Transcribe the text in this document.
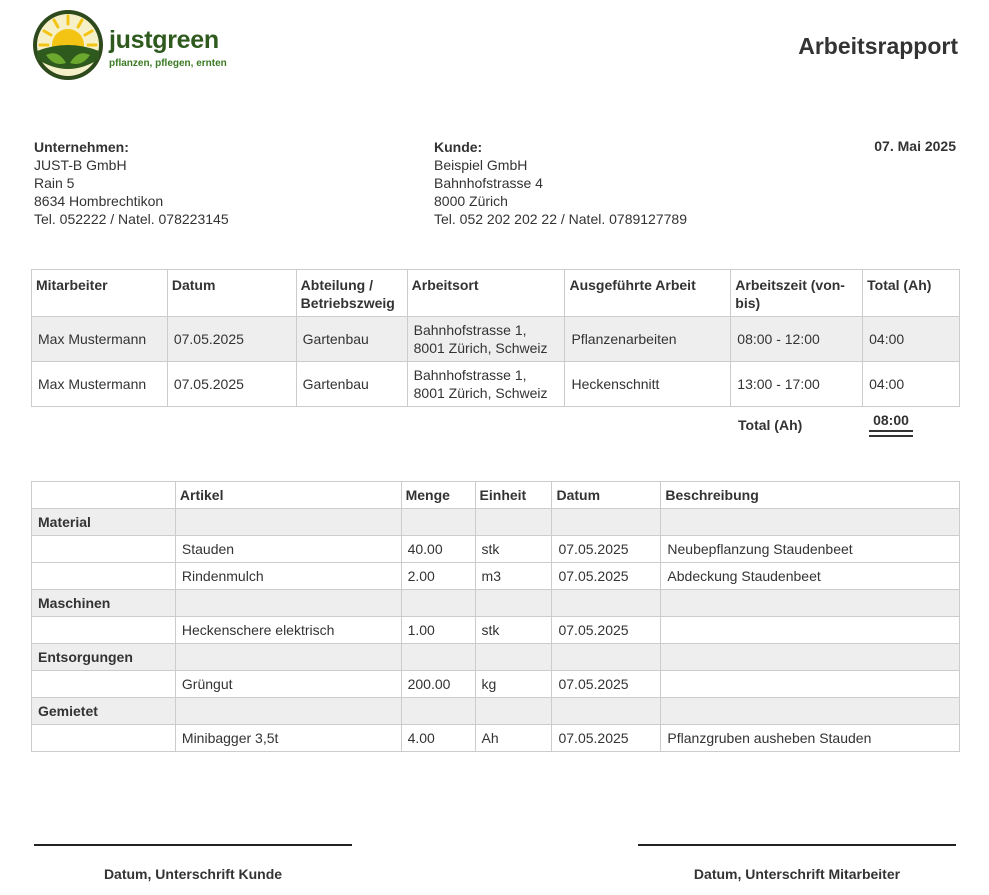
justgreen
pflanzen, pflegen, ernten
Arbeitsrapport
Unternehmen:
JUST-B GmbH
Rain 5
8634 Hombrechtikon
Tel. 052222 / Natel. 078223145
Kunde:
Beispiel GmbH
Bahnhofstrasse 4
8000 Zürich
Tel. 052 202 202 22 / Natel. 0789127789
07. Mai 2025
Mitarbeiter	Datum	Abteilung / Betriebszweig	Arbeitsort	Ausgeführte Arbeit	Arbeitszeit (von-bis)	Total (Ah)
Max Mustermann	07.05.2025	Gartenbau	Bahnhofstrasse 1, 8001 Zürich, Schweiz	Pflanzenarbeiten	08:00 - 12:00	04:00
Max Mustermann	07.05.2025	Gartenbau	Bahnhofstrasse 1, 8001 Zürich, Schweiz	Heckenschnitt	13:00 - 17:00	04:00
Total (Ah)	08:00
	Artikel	Menge	Einheit	Datum	Beschreibung
Material					
	Stauden	40.00	stk	07.05.2025	Neubepflanzung Staudenbeet
	Rindenmulch	2.00	m3	07.05.2025	Abdeckung Staudenbeet
Maschinen					
	Heckenschere elektrisch	1.00	stk	07.05.2025	
Entsorgungen					
	Grüngut	200.00	kg	07.05.2025	
Gemietet					
	Minibagger 3,5t	4.00	Ah	07.05.2025	Pflanzgruben ausheben Stauden
Datum, Unterschrift Kunde	Datum, Unterschrift Mitarbeiter
